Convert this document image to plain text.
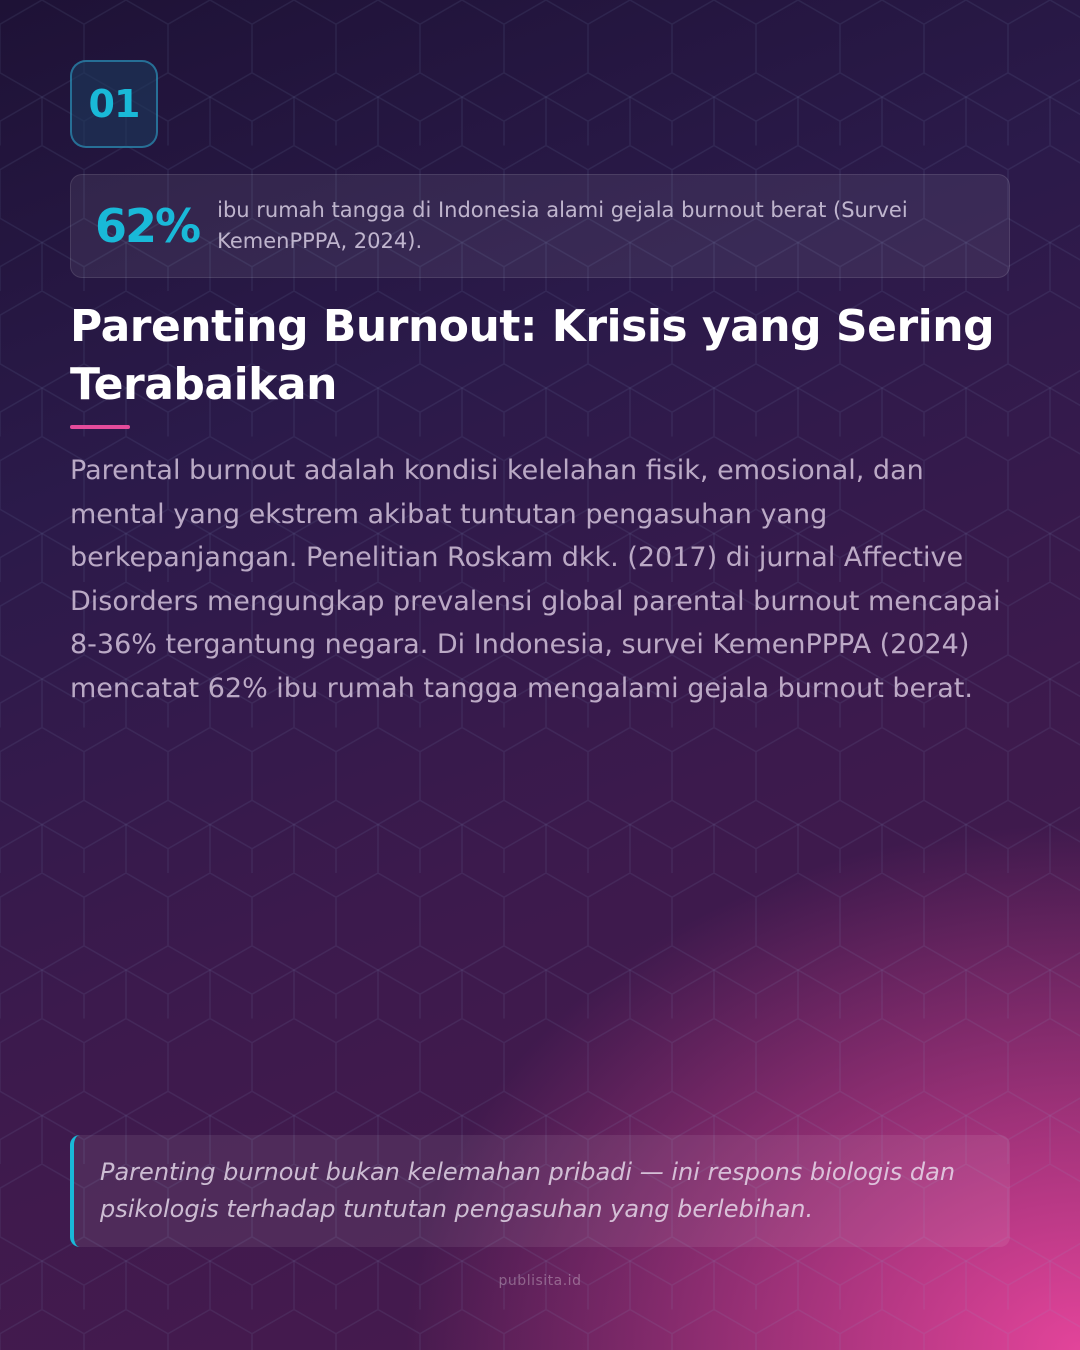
01
62% ibu rumah tangga di Indonesia alami gejala burnout berat (Survei KemenPPPA, 2024).
Parenting Burnout: Krisis yang Sering Terabaikan

Parental burnout adalah kondisi kelelahan fisik, emosional, dan mental yang ekstrem akibat tuntutan pengasuhan yang berkepanjangan. Penelitian Roskam dkk. (2017) di jurnal Affective Disorders mengungkap prevalensi global parental burnout mencapai 8-36% tergantung negara. Di Indonesia, survei KemenPPPA (2024) mencatat 62% ibu rumah tangga mengalami gejala burnout berat.

Parenting burnout bukan kelemahan pribadi — ini respons biologis dan psikologis terhadap tuntutan pengasuhan yang berlebihan.
publisita.id
